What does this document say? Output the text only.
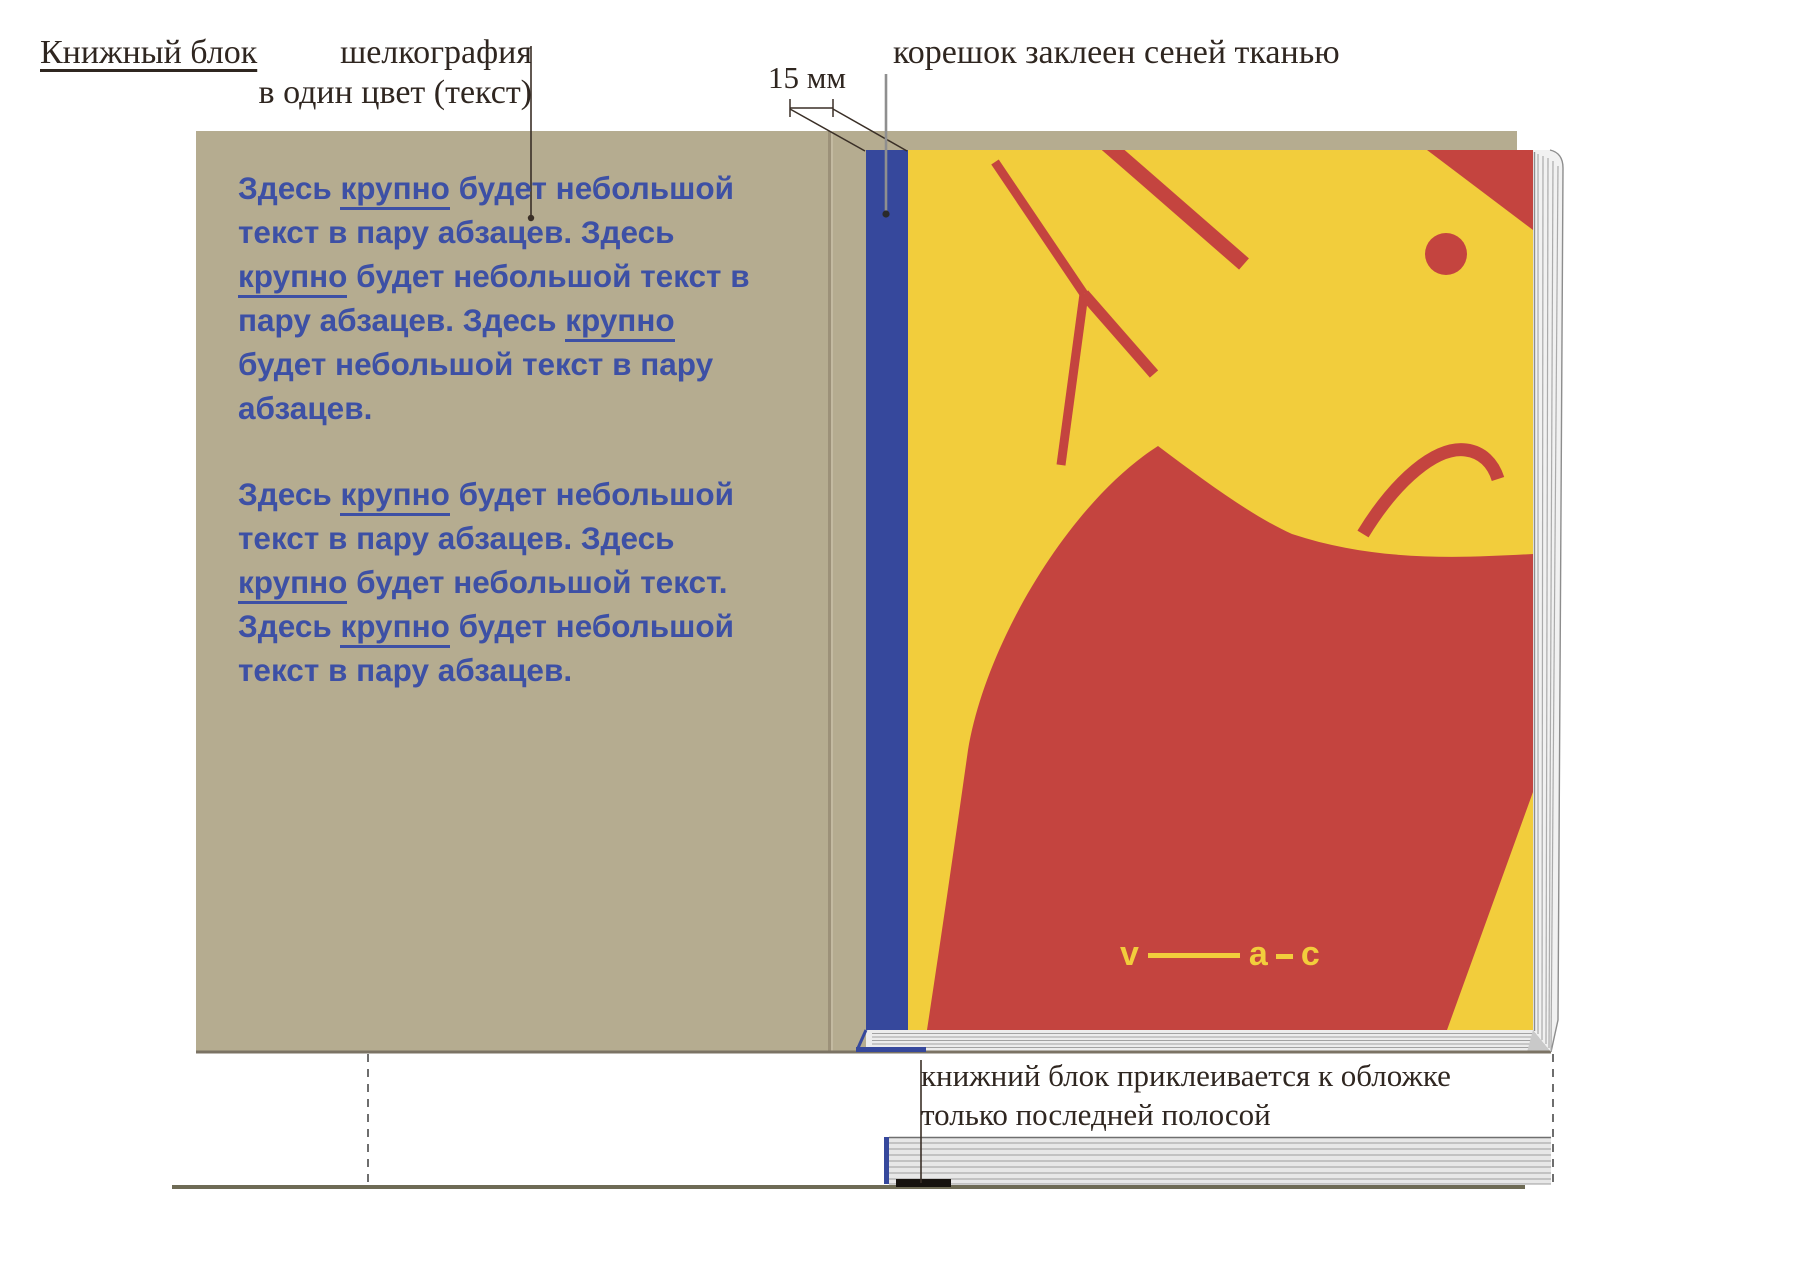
Книжный блок	шелкография
в один цвет (текст)	15 мм
корешок заклеен сеней тканью

Здесь крупно будет небольшой текст в пару абзацев. Здесь крупно будет небольшой текст в пару абзацев. Здесь крупно будет небольшой текст в пару абзацев.

Здесь крупно будет небольшой текст в пару абзацев. Здесь крупно будет небольшой текст. Здесь крупно будет небольшой текст в пару абзацев.

v	a c
книжний блок приклеивается к обложке
только последней полосой
